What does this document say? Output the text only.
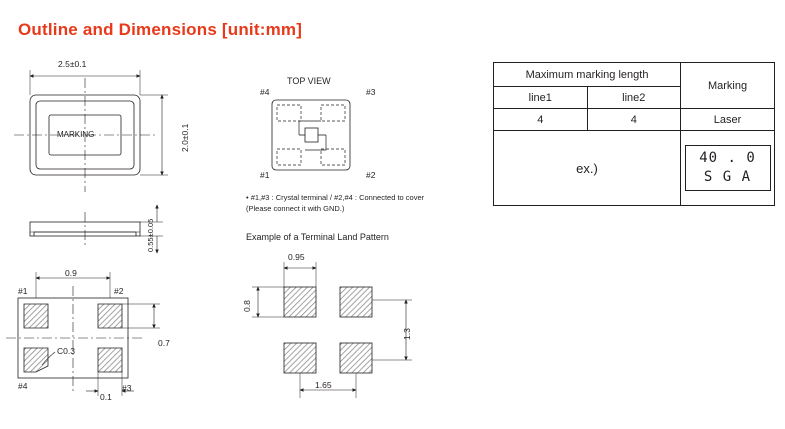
Outline and Dimensions [unit:mm]
2.5±0.1
2.0±0.1
MARKING
0.55±0.05
0.9
0.7
0.1
C0.3
#1	#2
#3
#4
TOP VIEW
#4	#3
#1	#2
• #1,#3 : Crystal terminal / #2,#4 : Connected to cover
(Please connect it with GND.)
Example of a Terminal Land Pattern
0.95
0.8
1.3
1.65
Maximum marking length
Marking
line1	line2
4	4	Laser
ex.)
40 . 0
S G A
